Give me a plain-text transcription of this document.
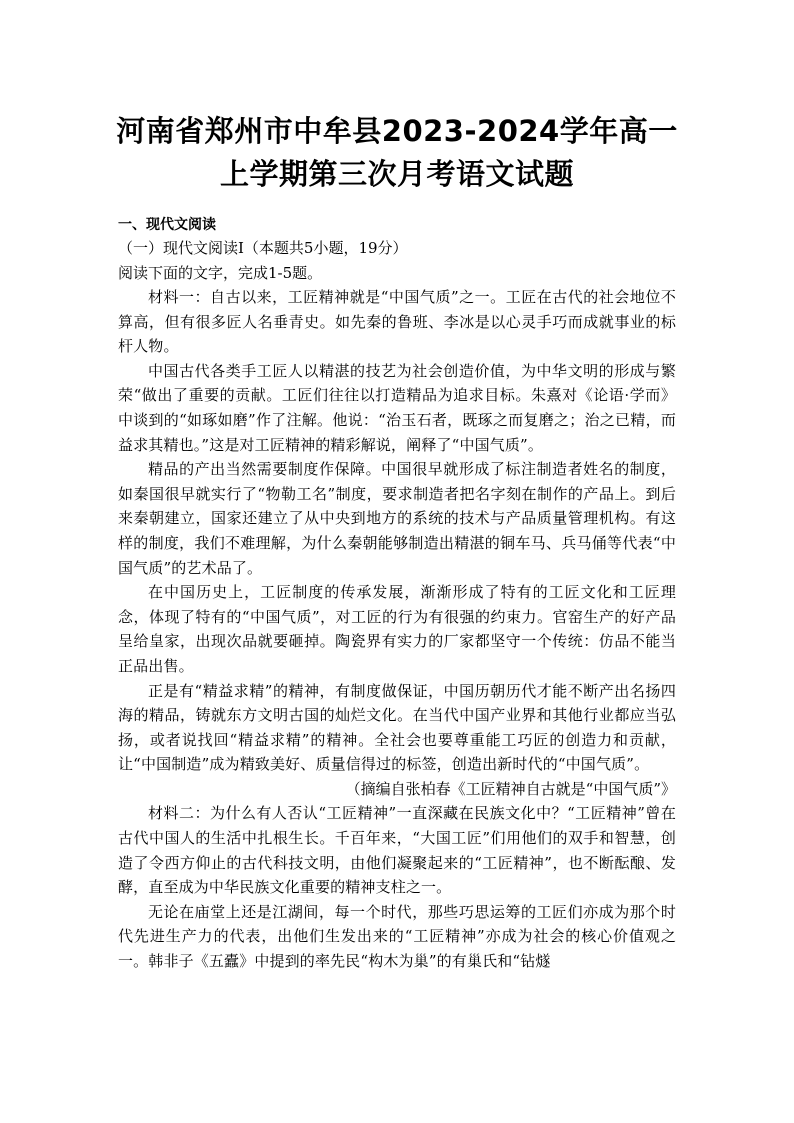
河南省郑州市中牟县2023-2024学年高一
上学期第三次月考语文试题

一、现代文阅读

（一）现代文阅读Ⅰ（本题共5小题，19分）

阅读下面的文字，完成1-5题。

材料一：自古以来，工匠精神就是“中国气质”之一。工匠在古代的社会地位不算高，但有很多匠人名垂青史。如先秦的鲁班、李冰是以心灵手巧而成就事业的标杆人物。

中国古代各类手工匠人以精湛的技艺为社会创造价值，为中华文明的形成与繁荣“做出了重要的贡献。工匠们往往以打造精品为追求目标。朱熹对《论语·学而》中谈到的“如琢如磨”作了注解。他说：“治玉石者，既琢之而复磨之；治之已精，而益求其精也。”这是对工匠精神的精彩解说，阐释了“中国气质”。

精品的产出当然需要制度作保障。中国很早就形成了标注制造者姓名的制度，如秦国很早就实行了“物勒工名”制度，要求制造者把名字刻在制作的产品上。到后来秦朝建立，国家还建立了从中央到地方的系统的技术与产品质量管理机构。有这样的制度，我们不难理解，为什么秦朝能够制造出精湛的铜车马、兵马俑等代表“中国气质”的艺术品了。

在中国历史上，工匠制度的传承发展，渐渐形成了特有的工匠文化和工匠理念，体现了特有的“中国气质”，对工匠的行为有很强的约束力。官窑生产的好产品呈给皇家，出现次品就要砸掉。陶瓷界有实力的厂家都坚守一个传统：仿品不能当正品出售。

正是有“精益求精”的精神，有制度做保证，中国历朝历代才能不断产出名扬四海的精品，铸就东方文明古国的灿烂文化。在当代中国产业界和其他行业都应当弘扬，或者说找回“精益求精”的精神。全社会也要尊重能工巧匠的创造力和贡献，让“中国制造”成为精致美好、质量信得过的标签，创造出新时代的“中国气质”。

（摘编自张柏春《工匠精神自古就是“中国气质”》

材料二：为什么有人否认“工匠精神”一直深藏在民族文化中？“工匠精神”曾在古代中国人的生活中扎根生长。千百年来，“大国工匠”们用他们的双手和智慧，创造了令西方仰止的古代科技文明，由他们凝聚起来的“工匠精神”，也不断酝酿、发酵，直至成为中华民族文化重要的精神支柱之一。

无论在庙堂上还是江湖间，每一个时代，那些巧思运筹的工匠们亦成为那个时代先进生产力的代表，出他们生发出来的“工匠精神”亦成为社会的核心价值观之一。韩非子《五蠹》中提到的率先民“构木为巢”的有巢氏和“钻燧
